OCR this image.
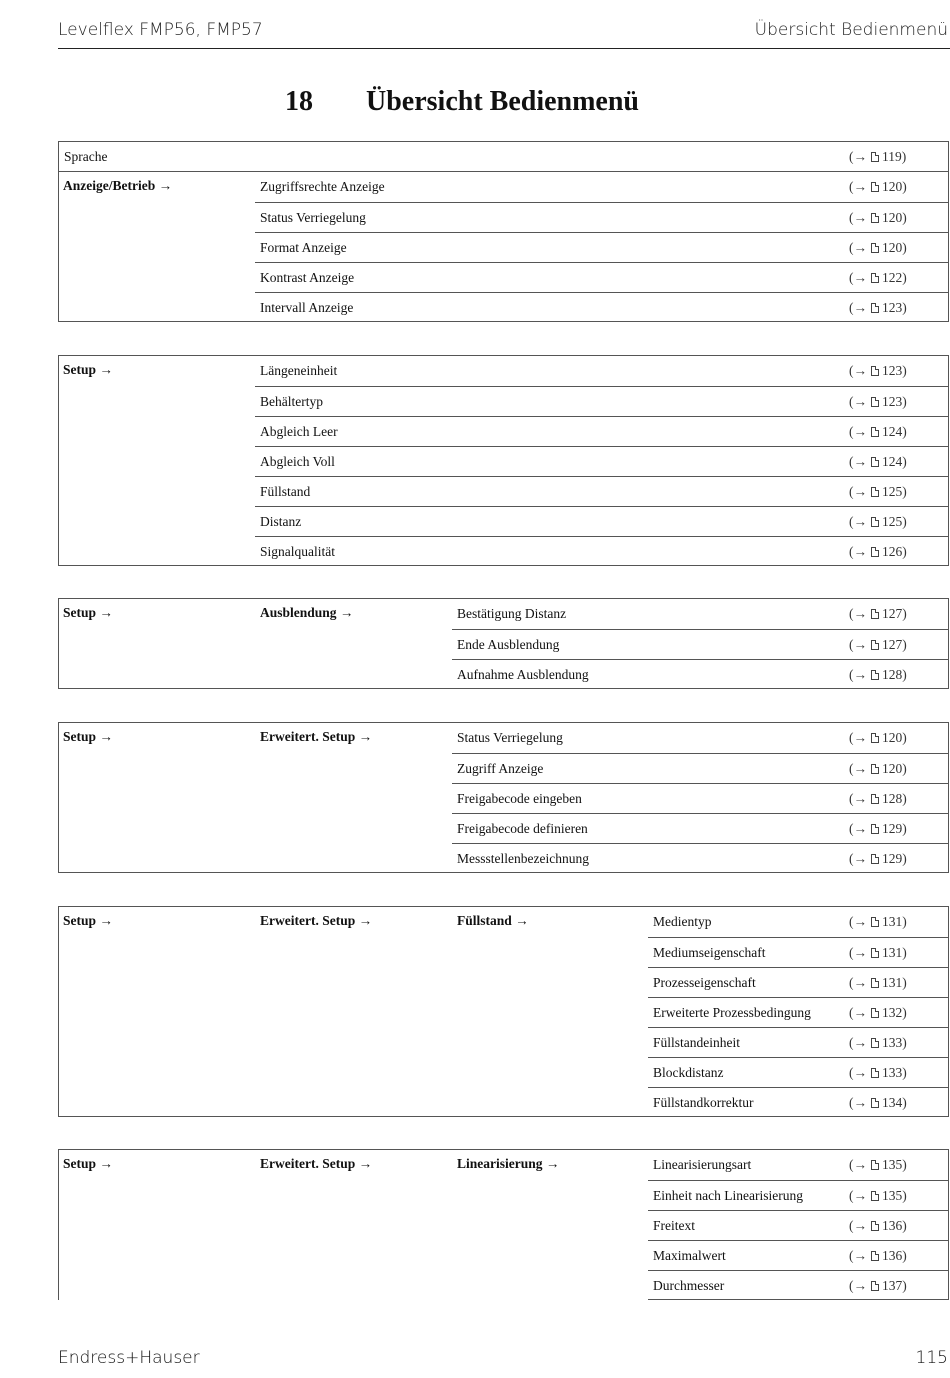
Levelflex FMP56, FMP57	Übersicht Bedienmenü
18 Übersicht Bedienmenü
Sprache	(→ 119)
Anzeige/Betrieb →	Zugriffsrechte Anzeige	(→ 120)
Status Verriegelung	(→ 120)
Format Anzeige	(→ 120)
Kontrast Anzeige	(→ 122)
Intervall Anzeige	(→ 123)
Setup →	Längeneinheit	(→ 123)
Behältertyp	(→ 123)
Abgleich Leer	(→ 124)
Abgleich Voll	(→ 124)
Füllstand	(→ 125)
Distanz	(→ 125)
Signalqualität	(→ 126)
Setup →	Ausblendung →	Bestätigung Distanz	(→ 127)
Ende Ausblendung	(→ 127)
Aufnahme Ausblendung	(→ 128)
Setup →	Erweitert. Setup →	Status Verriegelung	(→ 120)
Zugriff Anzeige	(→ 120)
Freigabecode eingeben	(→ 128)
Freigabecode definieren	(→ 129)
Messstellenbezeichnung	(→ 129)
Setup →	Erweitert. Setup →	Füllstand →	Medientyp	(→ 131)
Mediumseigenschaft	(→ 131)
Prozesseigenschaft	(→ 131)
Erweiterte Prozessbedingung	(→ 132)
Füllstandeinheit	(→ 133)
Blockdistanz	(→ 133)
Füllstandkorrektur	(→ 134)
Setup →	Erweitert. Setup →	Linearisierung →	Linearisierungsart	(→ 135)
Einheit nach Linearisierung	(→ 135)
Freitext	(→ 136)
Maximalwert	(→ 136)
Durchmesser	(→ 137)
Endress+Hauser	115
